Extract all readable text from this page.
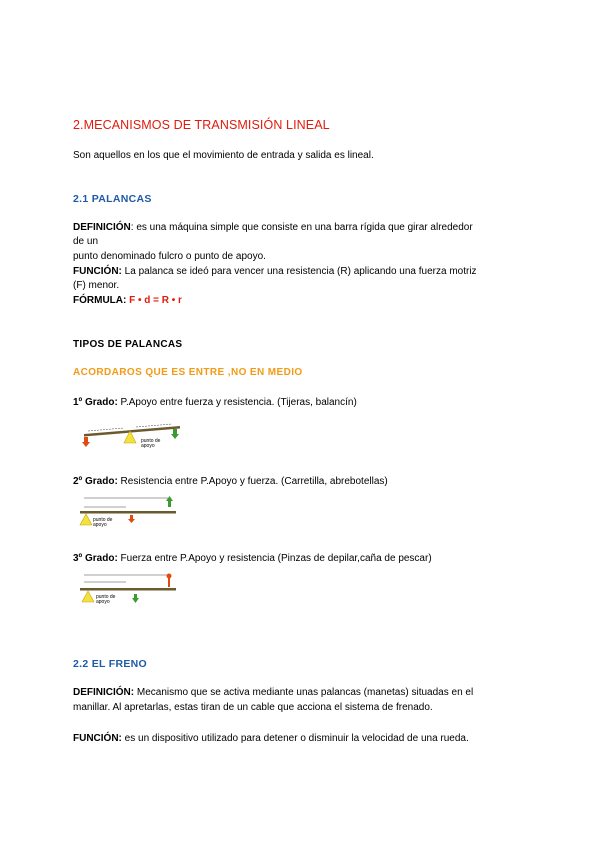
2.MECANISMOS DE TRANSMISIÓN LINEAL
Son aquellos en los que el movimiento de entrada y salida es lineal.
2.1 PALANCAS
DEFINICIÓN: es una máquina simple que consiste en una barra rígida que girar alrededor
de un
punto denominado fulcro o punto de apoyo.
FUNCIÓN: La palanca se ideó para vencer una resistencia (R) aplicando una fuerza motriz
(F) menor.
FÓRMULA: F • d = R • r
TIPOS DE PALANCAS
ACORDAROS QUE ES ENTRE ,NO EN MEDIO
1º Grado: P.Apoyo entre fuerza y resistencia. (Tijeras, balancín)
punto de apoyo
2º Grado: Resistencia entre P.Apoyo y fuerza. (Carretilla, abrebotellas)
punto de apoyo
3º Grado: Fuerza entre P.Apoyo y resistencia (Pinzas de depilar,caña de pescar)
punto de apoyo
2.2 EL FRENO
DEFINICIÓN: Mecanismo que se activa mediante unas palancas (manetas) situadas en el
manillar. Al apretarlas, estas tiran de un cable que acciona el sistema de frenado.
FUNCIÓN: es un dispositivo utilizado para detener o disminuir la velocidad de una rueda.
